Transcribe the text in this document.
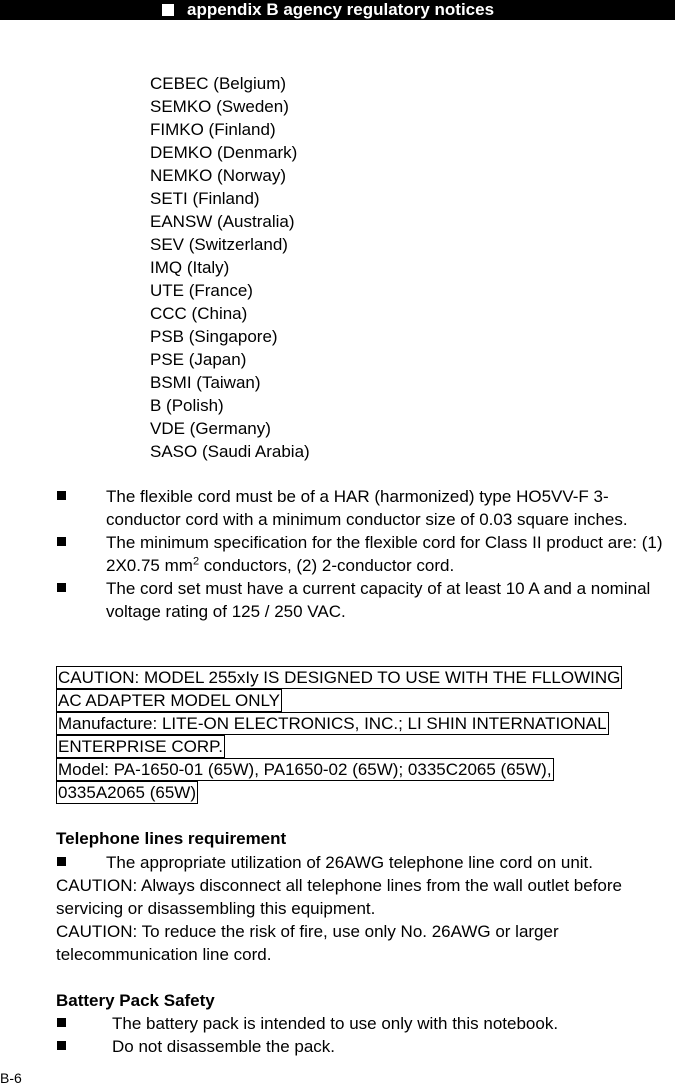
appendix B agency regulatory notices
CEBEC (Belgium)
SEMKO (Sweden)
FIMKO (Finland)
DEMKO (Denmark)
NEMKO (Norway)
SETI (Finland)
EANSW (Australia)
SEV (Switzerland)
IMQ (Italy)
UTE (France)
CCC (China)
PSB (Singapore)
PSE (Japan)
BSMI (Taiwan)
B (Polish)
VDE (Germany)
SASO (Saudi Arabia)
The flexible cord must be of a HAR (harmonized) type HO5VV-F 3-conductor cord with a minimum conductor size of 0.03 square inches.
The minimum specification for the flexible cord for Class II product are: (1) 2X0.75 $mm^2$ conductors, (2) 2-conductor cord.
The cord set must have a current capacity of at least 10 A and a nominal voltage rating of 125 / 250 VAC.
CAUTION: MODEL 255xIy IS DESIGNED TO USE WITH THE FLLOWING
AC ADAPTER MODEL ONLY
Manufacture: LITE-ON ELECTRONICS, INC.; LI SHIN INTERNATIONAL
ENTERPRISE CORP.
Model: PA-1650-01 (65W), PA1650-02 (65W); 0335C2065 (65W),
0335A2065 (65W)
Telephone lines requirement
The appropriate utilization of 26AWG telephone line cord on unit.
CAUTION: Always disconnect all telephone lines from the wall outlet before servicing or disassembling this equipment.
CAUTION: To reduce the risk of fire, use only No. 26AWG or larger telecommunication line cord.
Battery Pack Safety
The battery pack is intended to use only with this notebook.
Do not disassemble the pack.
B-6
